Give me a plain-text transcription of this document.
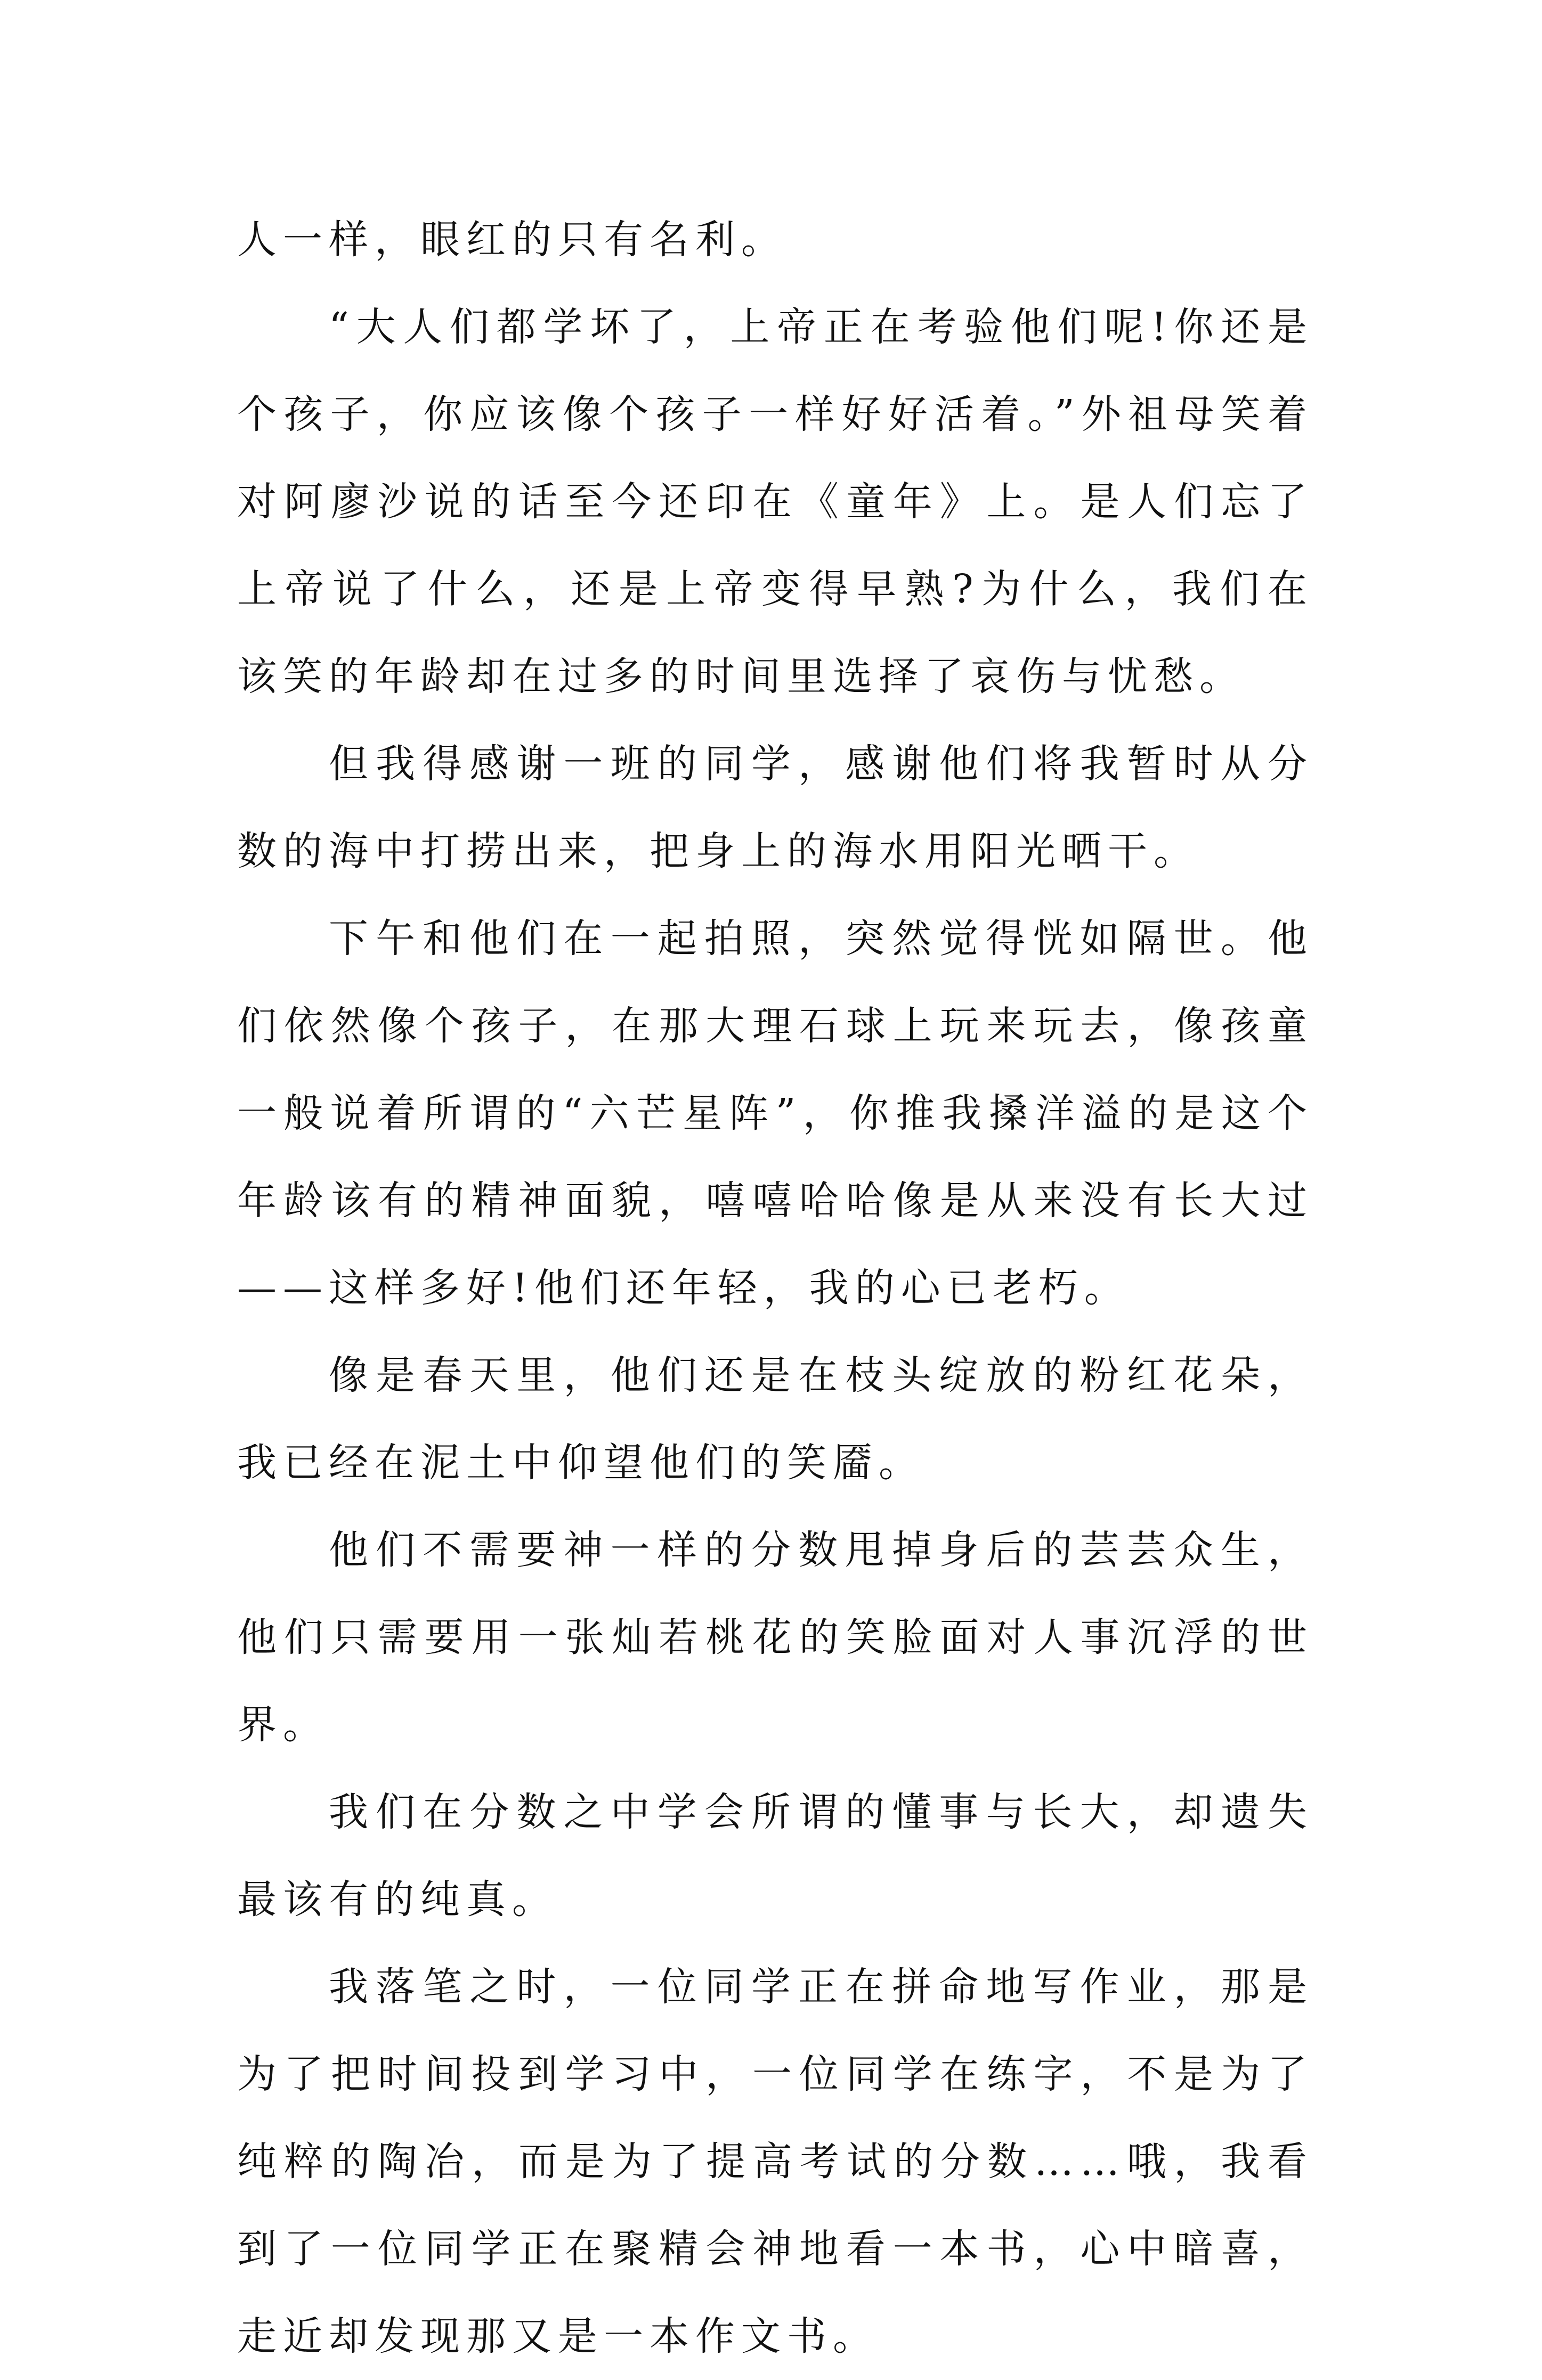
人一样，眼红的只有名利。

“大人们都学坏了，上帝正在考验他们呢!你还是个孩子，你应该像个孩子一样好好活着。”外祖母笑着对阿廖沙说的话至今还印在《童年》上。是人们忘了上帝说了什么，还是上帝变得早熟?为什么，我们在该笑的年龄却在过多的时间里选择了哀伤与忧愁。

但我得感谢一班的同学，感谢他们将我暂时从分数的海中打捞出来，把身上的海水用阳光晒干。

下午和他们在一起拍照，突然觉得恍如隔世。他们依然像个孩子，在那大理石球上玩来玩去，像孩童一般说着所谓的“六芒星阵”，你推我搡洋溢的是这个年龄该有的精神面貌，嘻嘻哈哈像是从来没有长大过——这样多好!他们还年轻，我的心已老朽。

像是春天里，他们还是在枝头绽放的粉红花朵，我已经在泥土中仰望他们的笑靥。

他们不需要神一样的分数甩掉身后的芸芸众生，他们只需要用一张灿若桃花的笑脸面对人事沉浮的世界。

我们在分数之中学会所谓的懂事与长大，却遗失最该有的纯真。

我落笔之时，一位同学正在拼命地写作业，那是为了把时间投到学习中，一位同学在练字，不是为了纯粹的陶冶，而是为了提高考试的分数……哦，我看到了一位同学正在聚精会神地看一本书，心中暗喜，走近却发现那又是一本作文书。
